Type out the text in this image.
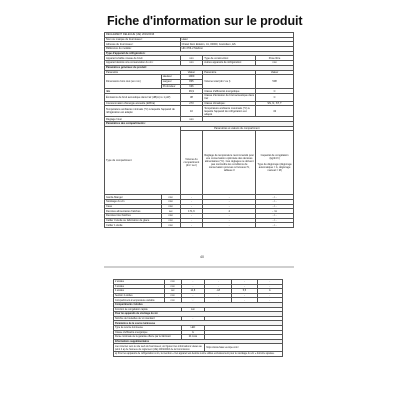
Fiche d'information sur le produit
RÈGLEMENT DÉLÉGUÉ (UE) 2019/2016				
Nom ou marque du fournisseur:		Haier		
Adresse du fournisseur:		Chatel Dein Eidelon, 41, 00000, Gozodiem, ES		
Référence du modèle:		HD-470I-2 Mabron		
Type d'appareil de réfrigération:				
Appareil à faible niveau de bruit:		non	Type de construction:	Pose libre
Appareil destiné à la conservation du vin:		non	Autres appareils de réfrigération:	non
Paramètres généraux du produit:				
Paramètre		Valeur	Paramètre	Valeur
Dimensions hors tout (en mm)	Hauteur	1900	Volume total (dm³ ou l)	508
	Largeur	835		
	Profondeur	636		
IEE		99,9	Classe d'efficacité énergétique	C
Émissions de bruit acoustique dans l'air (dB(A) re 1 pW)		38	Classe d'émission de bruit acoustique dans l'air	C
Consommation d'énergie annuelle (kWh/a)		273	Classe climatique:	SN, N, ST, T
Température ambiante minimale (°C) à laquelle l'appareil de réfrigération est adapté		10	Température ambiante maximale (°C) à laquelle l'appareil de réfrigération est adapté	43
Réglage hiver		non		
Paramètres des compartiments:				
Type de compartiment		Paramètres et valeurs du compartiment		
		Volume du compartiment (dm³ ou l)	Réglage de température recommandé pour une conservation optimisée des denrées alimentaires (°C). Ces réglages ne doivent pas contredire les conditions de conservation prévues à l'annexe IV, tableau 3	Capacité de congélation (kg/24 h)

Type de dégivrage (dégivrage automatique = A, dégivrage manuel = M)
Garde-Manger	non	-	-	- / -
Stockage du vin	non	-	-	- / -
Cave	non	-	-	- / -
Denrées alimentaires fraîches	oui	171,6	4	- / A
Denrées très fraîches	non	-	-	- / -
Cellier 0 étoile ou fabrication de glace	non	-	-	- / -
Cellier 1 étoile	non	-	-	- / -
40
2 étoiles	non	-	-	-	-
3 étoiles	non	-	-	-	-
4 étoiles	oui	14,8	-18	5,5	A
Section 2 étoiles	non	-	-	-	-
Compartiment à température variable	non	-	-	-	-
Compartiments 4 étoiles					
Fonction de congélation rapide		non			
Pour les appareils de stockage du vin					
Nombre de bouteilles de vin standard		-			
Paramètres de la source lumineuse					
Type de source lumineuse		LED			
Classe d'efficacité énergétique		G			
Durée minimale de la garantie offerte par le fabricant		24 mois			
Informations supplémentaires					
Lien internet vers le site web du fournisseur, où figurent les informations visées au point 4 a) de l'annexe du règlement (UE) 2019/2016 de la Commission			https://www.haier-europe.com/		
a) Pour les appareils de réfrigération à vin, la mention « Cet appareil est destiné à être utilisé exclusivement pour le stockage du vin » doit être ajoutée.					
